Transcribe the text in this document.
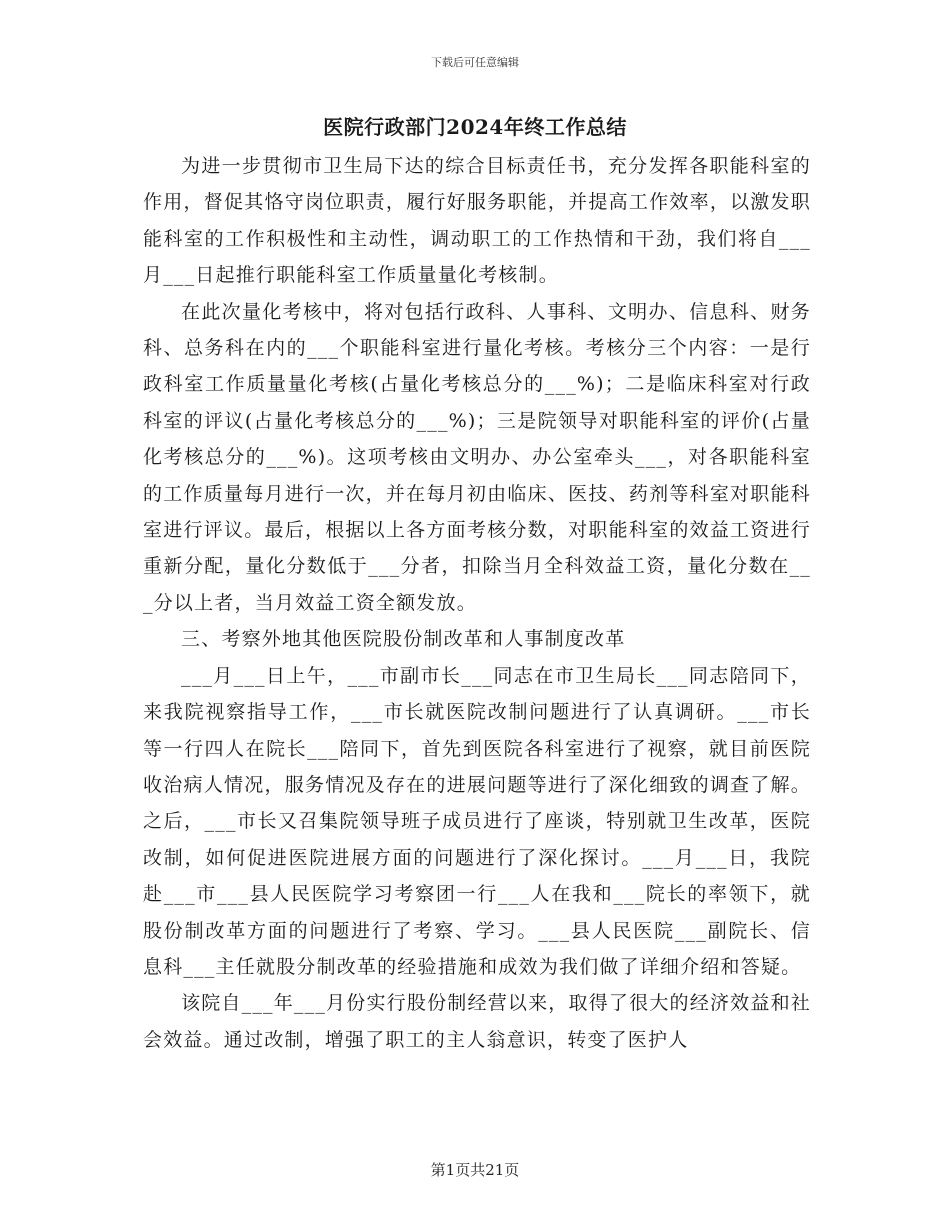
下载后可任意编辑
医院行政部门2024年终工作总结

为进一步贯彻市卫生局下达的综合目标责任书，充分发挥各职能科室的作用，督促其恪守岗位职责，履行好服务职能，并提高工作效率，以激发职能科室的工作积极性和主动性，调动职工的工作热情和干劲，我们将自___月___日起推行职能科室工作质量量化考核制。

在此次量化考核中，将对包括行政科、人事科、文明办、信息科、财务科、总务科在内的___个职能科室进行量化考核。考核分三个内容：一是行政科室工作质量量化考核(占量化考核总分的___%)；二是临床科室对行政科室的评议(占量化考核总分的___%)；三是院领导对职能科室的评价(占量化考核总分的___%)。这项考核由文明办、办公室牵头___，对各职能科室的工作质量每月进行一次，并在每月初由临床、医技、药剂等科室对职能科室进行评议。最后，根据以上各方面考核分数，对职能科室的效益工资进行重新分配，量化分数低于___分者，扣除当月全科效益工资，量化分数在___分以上者，当月效益工资全额发放。

三、考察外地其他医院股份制改革和人事制度改革

___月___日上午，___市副市长___同志在市卫生局长___同志陪同下，来我院视察指导工作，___市长就医院改制问题进行了认真调研。___市长等一行四人在院长___陪同下，首先到医院各科室进行了视察，就目前医院收治病人情况，服务情况及存在的进展问题等进行了深化细致的调查了解。之后，___市长又召集院领导班子成员进行了座谈，特别就卫生改革，医院改制，如何促进医院进展方面的问题进行了深化探讨。___月___日，我院赴___市___县人民医院学习考察团一行___人在我和___院长的率领下，就股份制改革方面的问题进行了考察、学习。___县人民医院___副院长、信息科___主任就股分制改革的经验措施和成效为我们做了详细介绍和答疑。

该院自___年___月份实行股份制经营以来，取得了很大的经济效益和社会效益。通过改制，增强了职工的主人翁意识，转变了医护人

第1页共21页
